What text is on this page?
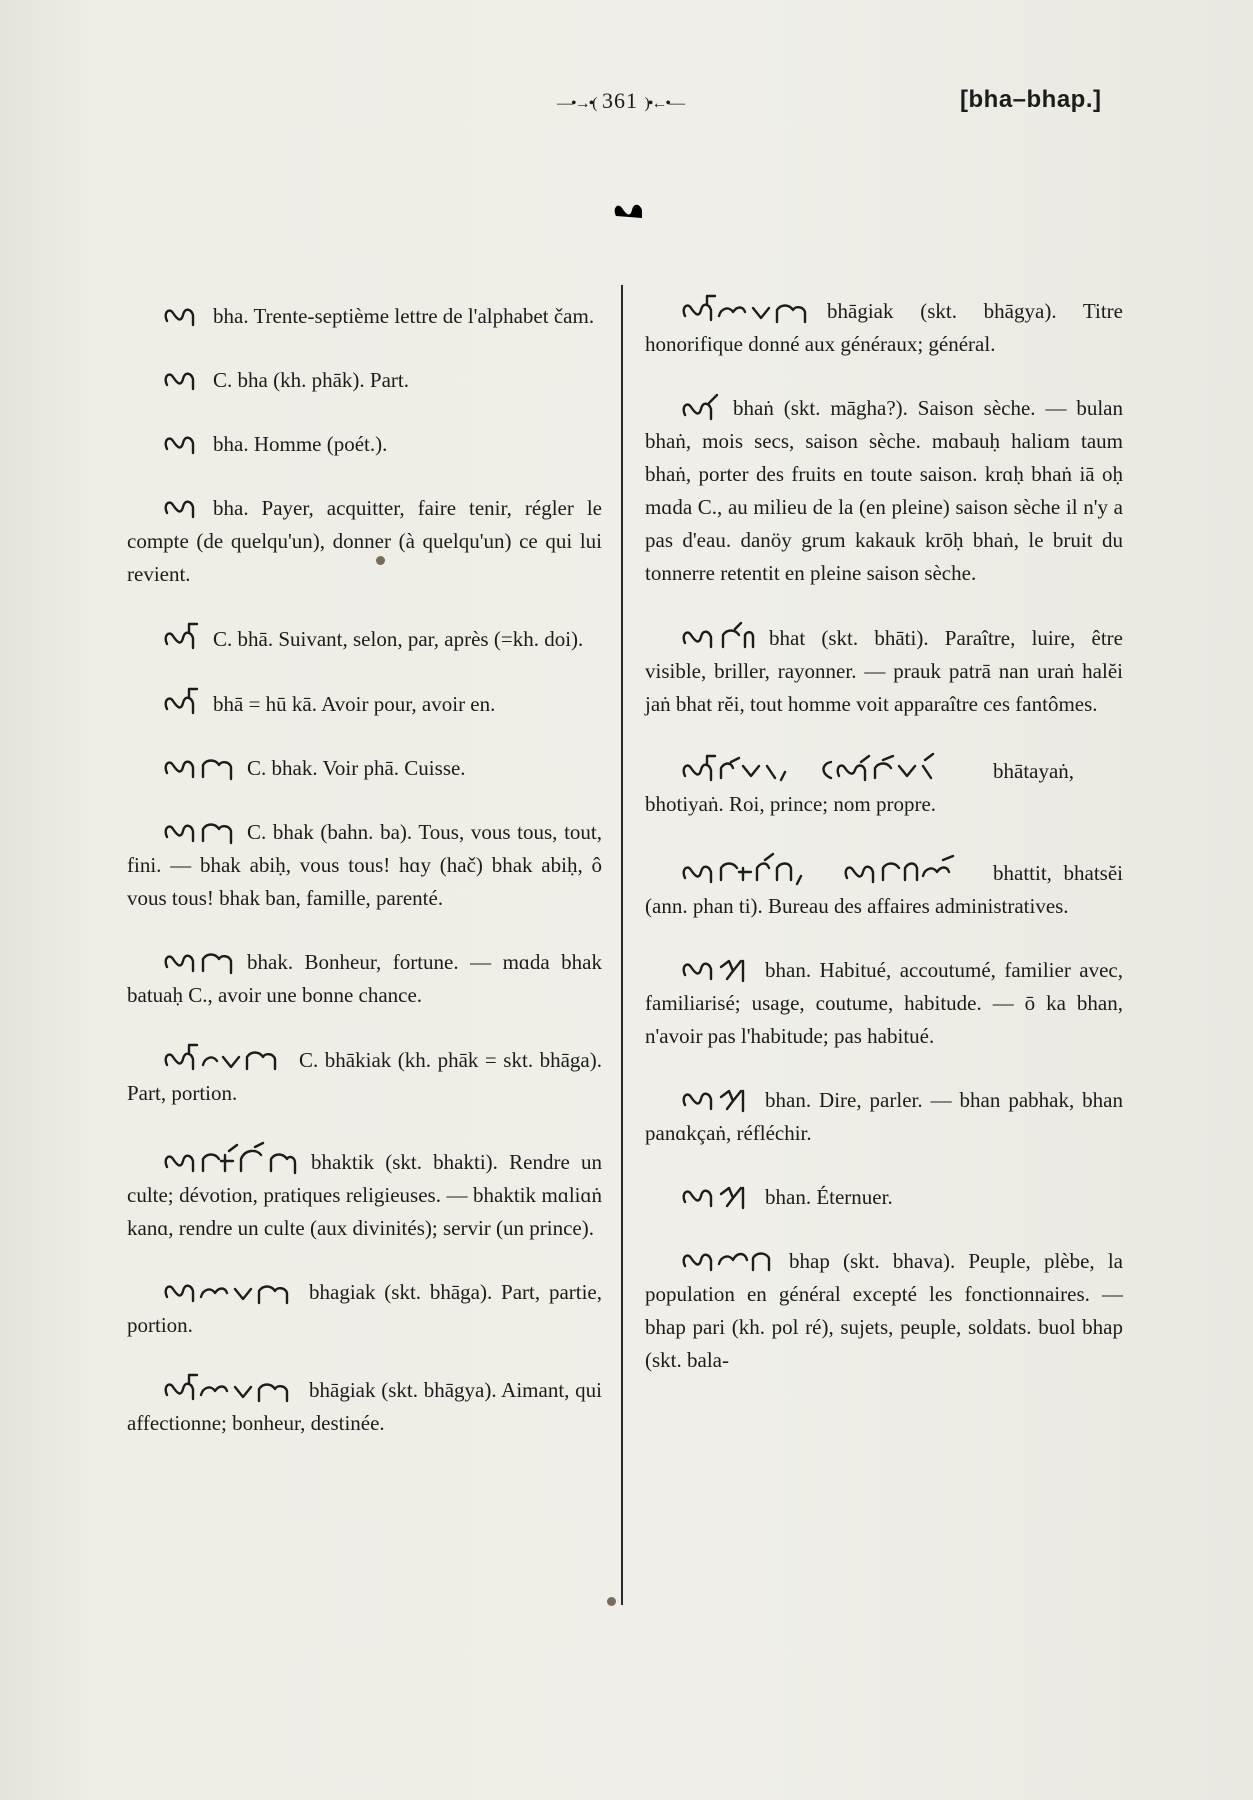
—•→•( 361 )•←•—	[bha–bhap.]

bha. Trente-septième lettre de l'alphabet čam.

C. bha (kh. phāk). Part.

bha. Homme (poét.).

bha. Payer, acquitter, faire tenir, régler le compte (de quelqu'un), donner (à quelqu'un) ce qui lui revient.

C. bhā. Suivant, selon, par, après (=kh. doi).

bhā = hū kā. Avoir pour, avoir en.

C. bhak. Voir phā. Cuisse.

C. bhak (bahn. ba). Tous, vous tous, tout, fini. — bhak abiḥ, vous tous! hɑy (hač) bhak abiḥ, ô vous tous! bhak ban, famille, parenté.

bhak. Bonheur, fortune. — mɑda bhak batuaḥ C., avoir une bonne chance.

C. bhākiak (kh. phāk = skt. bhāga). Part, portion.

bhaktik (skt. bhakti). Rendre un culte; dévotion, pratiques religieuses. — bhaktik mɑliɑṅ kanɑ, rendre un culte (aux divinités); servir (un prince).

bhagiak (skt. bhāga). Part, partie, portion.

bhāgiak (skt. bhāgya). Aimant, qui affectionne; bonheur, destinée.

bhāgiak (skt. bhāgya). Titre honorifique donné aux généraux; général.

bhaṅ (skt. māgha?). Saison sèche. — bulan bhaṅ, mois secs, saison sèche. mɑbauḥ haliɑm taum bhaṅ, porter des fruits en toute saison. krɑḥ bhaṅ iā oḥ mɑda C., au milieu de la (en pleine) saison sèche il n'y a pas d'eau. danöy grum kakauk krōḥ bhaṅ, le bruit du tonnerre retentit en pleine saison sèche.

bhat (skt. bhāti). Paraître, luire, être visible, briller, rayonner. — prauk patrā nan uraṅ halĕi jaṅ bhat rĕi, tout homme voit apparaître ces fantômes.

bhātayaṅ, bhotiyaṅ. Roi, prince; nom propre.

bhattit, bhatsĕi (ann. phan ti). Bureau des affaires administratives.

bhan. Habitué, accoutumé, familier avec, familiarisé; usage, coutume, habitude. — ō ka bhan, n'avoir pas l'habitude; pas habitué.

bhan. Dire, parler. — bhan pabhak, bhan panɑkçaṅ, réfléchir.

bhan. Éternuer.

bhap (skt. bhava). Peuple, plèbe, la population en général excepté les fonctionnaires. — bhap pari (kh. pol ré), sujets, peuple, soldats. buol bhap (skt. bala-
